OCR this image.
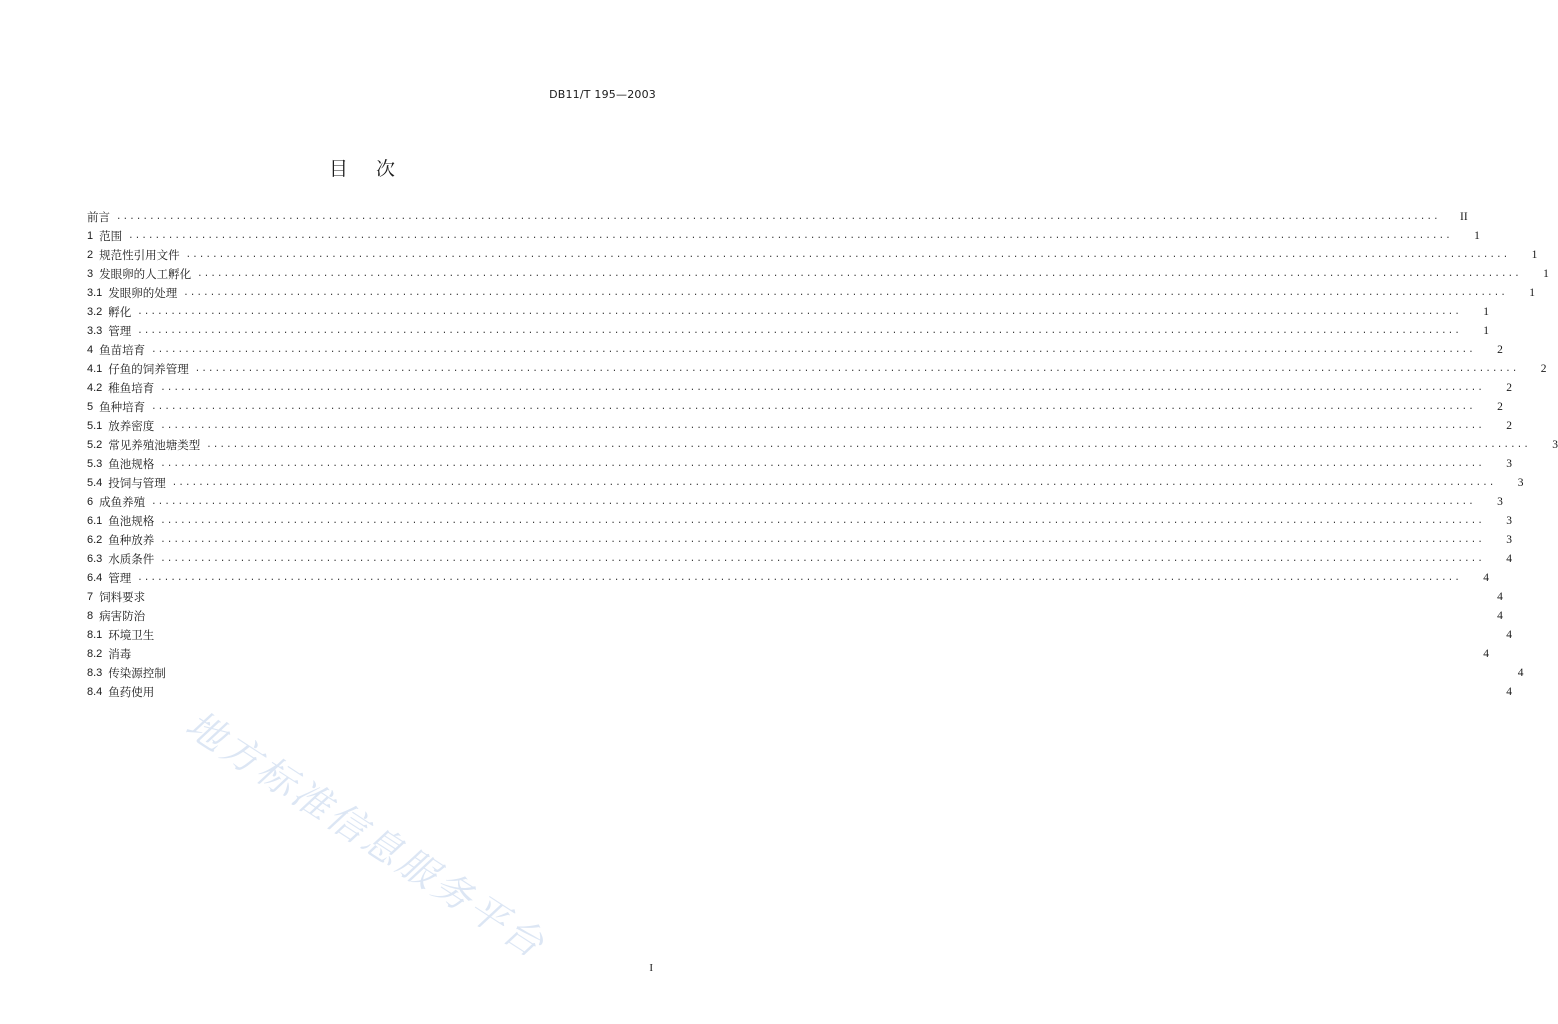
DB11/T 195—2003
目次
前言 ........................................................................................................................................................................................................	II
1 范围 ........................................................................................................................................................................................................	1
2 规范性引用文件 ........................................................................................................................................................................................................	1
3 发眼卵的人工孵化 ........................................................................................................................................................................................................	1
3.1 发眼卵的处理 ........................................................................................................................................................................................................	1
3.2 孵化 ........................................................................................................................................................................................................	1
3.3 管理 ........................................................................................................................................................................................................	1
4 鱼苗培育 ........................................................................................................................................................................................................	2
4.1 仔鱼的饲养管理 ........................................................................................................................................................................................................	2
4.2 稚鱼培育 ........................................................................................................................................................................................................	2
5 鱼种培育 ........................................................................................................................................................................................................	2
5.1 放养密度 ........................................................................................................................................................................................................	2
5.2 常见养殖池塘类型 ........................................................................................................................................................................................................	3
5.3 鱼池规格 ........................................................................................................................................................................................................	3
5.4 投饲与管理 ........................................................................................................................................................................................................	3
6 成鱼养殖 ........................................................................................................................................................................................................	3
6.1 鱼池规格 ........................................................................................................................................................................................................	3
6.2 鱼种放养 ........................................................................................................................................................................................................	3
6.3 水质条件 ........................................................................................................................................................................................................	4
6.4 管理 ........................................................................................................................................................................................................	4
7 饲料要求	4
8 病害防治	4
8.1 环境卫生	4
8.2 消毒	4
8.3 传染源控制	4
8.4 鱼药使用	4
地方标准信息服务平台
I
